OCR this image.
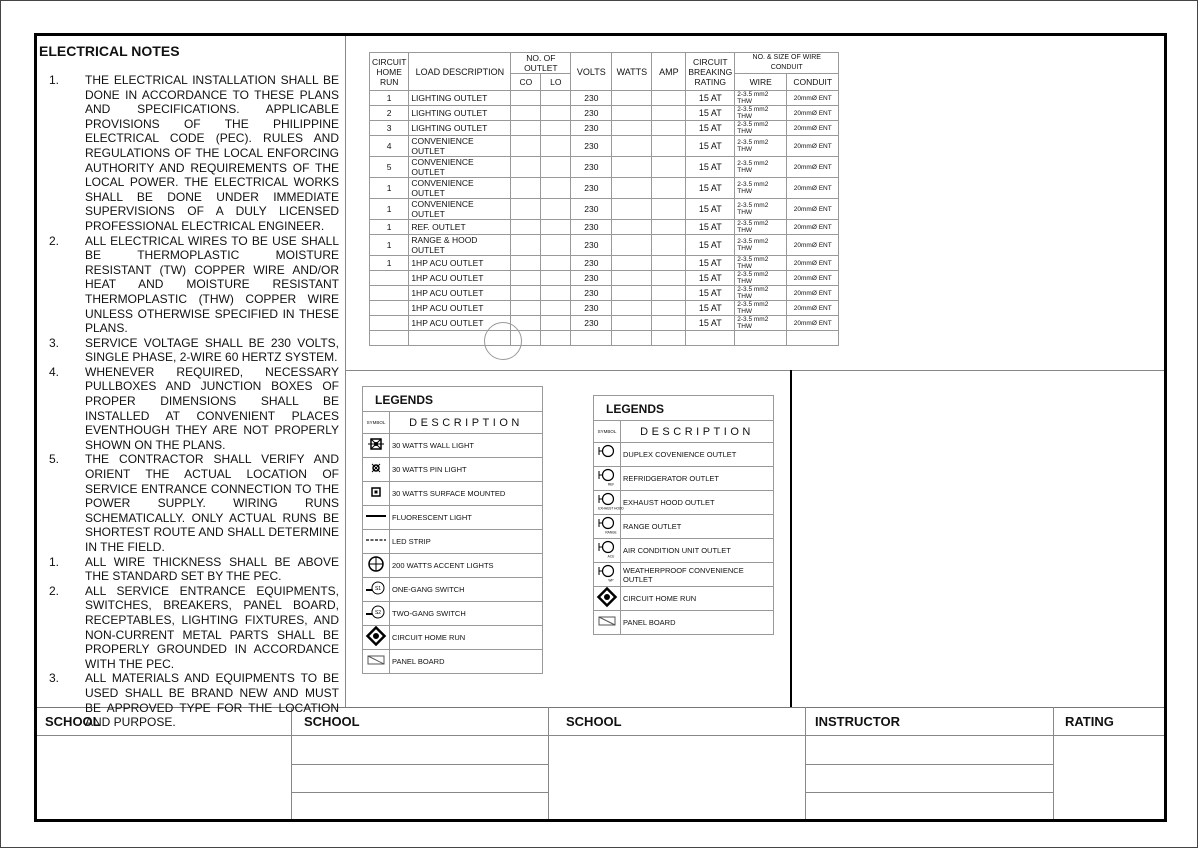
ELECTRICAL NOTES
1.	THE ELECTRICAL INSTALLATION SHALL BE DONE IN ACCORDANCE TO THESE PLANS AND SPECIFICATIONS. APPLICABLE PROVISIONS OF THE PHILIPPINE ELECTRICAL CODE (PEC). RULES AND REGULATIONS OF THE LOCAL ENFORCING AUTHORITY AND REQUIREMENTS OF THE LOCAL POWER. THE ELECTRICAL WORKS SHALL BE DONE UNDER IMMEDIATE SUPERVISIONS OF A DULY LICENSED PROFESSIONAL ELECTRICAL ENGINEER.
2.	ALL ELECTRICAL WIRES TO BE USE SHALL BE THERMOPLASTIC MOISTURE RESISTANT (TW) COPPER WIRE AND/OR HEAT AND MOISTURE RESISTANT THERMOPLASTIC (THW) COPPER WIRE UNLESS OTHERWISE SPECIFIED IN THESE PLANS.
3.	SERVICE VOLTAGE SHALL BE 230 VOLTS, SINGLE PHASE, 2-WIRE 60 HERTZ SYSTEM.
4.	WHENEVER REQUIRED, NECESSARY PULLBOXES AND JUNCTION BOXES OF PROPER DIMENSIONS SHALL BE INSTALLED AT CONVENIENT PLACES EVENTHOUGH THEY ARE NOT PROPERLY SHOWN ON THE PLANS.
5.	THE CONTRACTOR SHALL VERIFY AND ORIENT THE ACTUAL LOCATION OF SERVICE ENTRANCE CONNECTION TO THE POWER SUPPLY. WIRING RUNS SCHEMATICALLY. ONLY ACTUAL RUNS BE SHORTEST ROUTE AND SHALL DETERMINE IN THE FIELD.
1.	ALL WIRE THICKNESS SHALL BE ABOVE THE STANDARD SET BY THE PEC.
2.	ALL SERVICE ENTRANCE EQUIPMENTS, SWITCHES, BREAKERS, PANEL BOARD, RECEPTABLES, LIGHTING FIXTURES, AND NON-CURRENT METAL PARTS SHALL BE PROPERLY GROUNDED IN ACCORDANCE WITH THE PEC.
3.	ALL MATERIALS AND EQUIPMENTS TO BE USED SHALL BE BRAND NEW AND MUST BE APPROVED TYPE FOR THE LOCATION AND PURPOSE.
CIRCUIT HOME RUN	LOAD DESCRIPTION	NO. OF OUTLET		VOLTS	WATTS	AMP	CIRCUIT BREAKING RATING	NO. & SIZE OF WIRE CONDUIT	
		CO	LO					WIRE	CONDUIT
1	LIGHTING OUTLET			230			15 AT	2-3.5 mm2 THW	20mmØ ENT
2	LIGHTING OUTLET			230			15 AT	2-3.5 mm2 THW	20mmØ ENT
3	LIGHTING OUTLET			230			15 AT	2-3.5 mm2 THW	20mmØ ENT
4	CONVENIENCE OUTLET			230			15 AT	2-3.5 mm2 THW	20mmØ ENT
5	CONVENIENCE OUTLET			230			15 AT	2-3.5 mm2 THW	20mmØ ENT
1	CONVENIENCE OUTLET			230			15 AT	2-3.5 mm2 THW	20mmØ ENT
1	CONVENIENCE OUTLET			230			15 AT	2-3.5 mm2 THW	20mmØ ENT
1	REF. OUTLET			230			15 AT	2-3.5 mm2 THW	20mmØ ENT
1	RANGE & HOOD OUTLET			230			15 AT	2-3.5 mm2 THW	20mmØ ENT
1	1HP ACU OUTLET			230			15 AT	2-3.5 mm2 THW	20mmØ ENT
	1HP ACU OUTLET			230			15 AT	2-3.5 mm2 THW	20mmØ ENT
	1HP ACU OUTLET			230			15 AT	2-3.5 mm2 THW	20mmØ ENT
	1HP ACU OUTLET			230			15 AT	2-3.5 mm2 THW	20mmØ ENT
	1HP ACU OUTLET			230			15 AT	2-3.5 mm2 THW	20mmØ ENT

LEGENDS	
SYMBOL	DESCRIPTION
	30 WATTS WALL LIGHT
	30 WATTS PIN LIGHT
	30 WATTS SURFACE MOUNTED
	FLUORESCENT LIGHT
	LED STRIP
	200 WATTS ACCENT LIGHTS

S1	ONE-GANG SWITCH

S2	TWO-GANG SWITCH
	CIRCUIT HOME RUN
	PANEL BOARD
LEGENDS	
SYMBOL	DESCRIPTION
	DUPLEX COVENIENCE OUTLET

REF	REFRIDGERATOR OUTLET

EXHAUST HOOD	EXHAUST HOOD OUTLET

RANGE	RANGE OUTLET

ACU	AIR CONDITION UNIT OUTLET

WP	WEATHERPROOF CONVENIENCE OUTLET
	CIRCUIT HOME RUN
	PANEL BOARD
SCHOOL	SCHOOL	SCHOOL	INSTRUCTOR	RATING
